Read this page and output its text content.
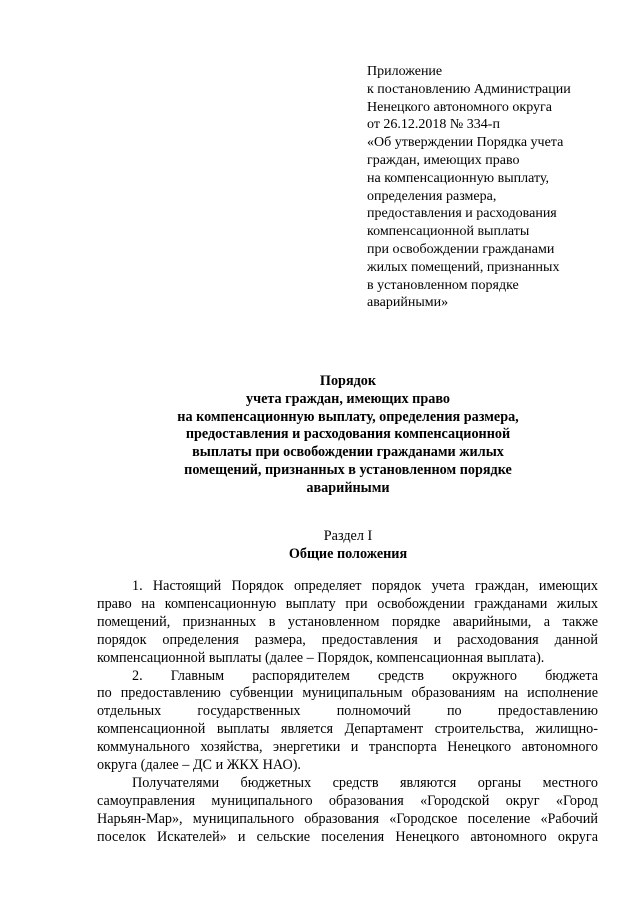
Приложение
к постановлению Администрации
Ненецкого автономного округа
от 26.12.2018 № 334-п
«Об утверждении Порядка учета
граждан, имеющих право
на компенсационную выплату,
определения размера,
предоставления и расходования
компенсационной выплаты
при освобождении гражданами
жилых помещений, признанных
в установленном порядке
аварийными»
Порядок
учета граждан, имеющих право
на компенсационную выплату, определения размера,
предоставления и расходования компенсационной
выплаты при освобождении гражданами жилых
помещений, признанных в установленном порядке
аварийными
Раздел I
Общие положения
1. Настоящий Порядок определяет порядок учета граждан, имеющих
право на компенсационную выплату при освобождении гражданами жилых
помещений, признанных в установленном порядке аварийными, а также
порядок определения размера, предоставления и расходования данной
компенсационной выплаты (далее – Порядок, компенсационная выплата).
2. Главным распорядителем средств окружного бюджета
по предоставлению субвенции муниципальным образованиям на исполнение
отдельных государственных полномочий по предоставлению
компенсационной выплаты является Департамент строительства, жилищно-
коммунального хозяйства, энергетики и транспорта Ненецкого автономного
округа (далее – ДС и ЖКХ НАО).
Получателями бюджетных средств являются органы местного
самоуправления муниципального образования «Городской округ «Город
Нарьян-Мар», муниципального образования «Городское поселение «Рабочий
поселок Искателей» и сельские поселения Ненецкого автономного округа
